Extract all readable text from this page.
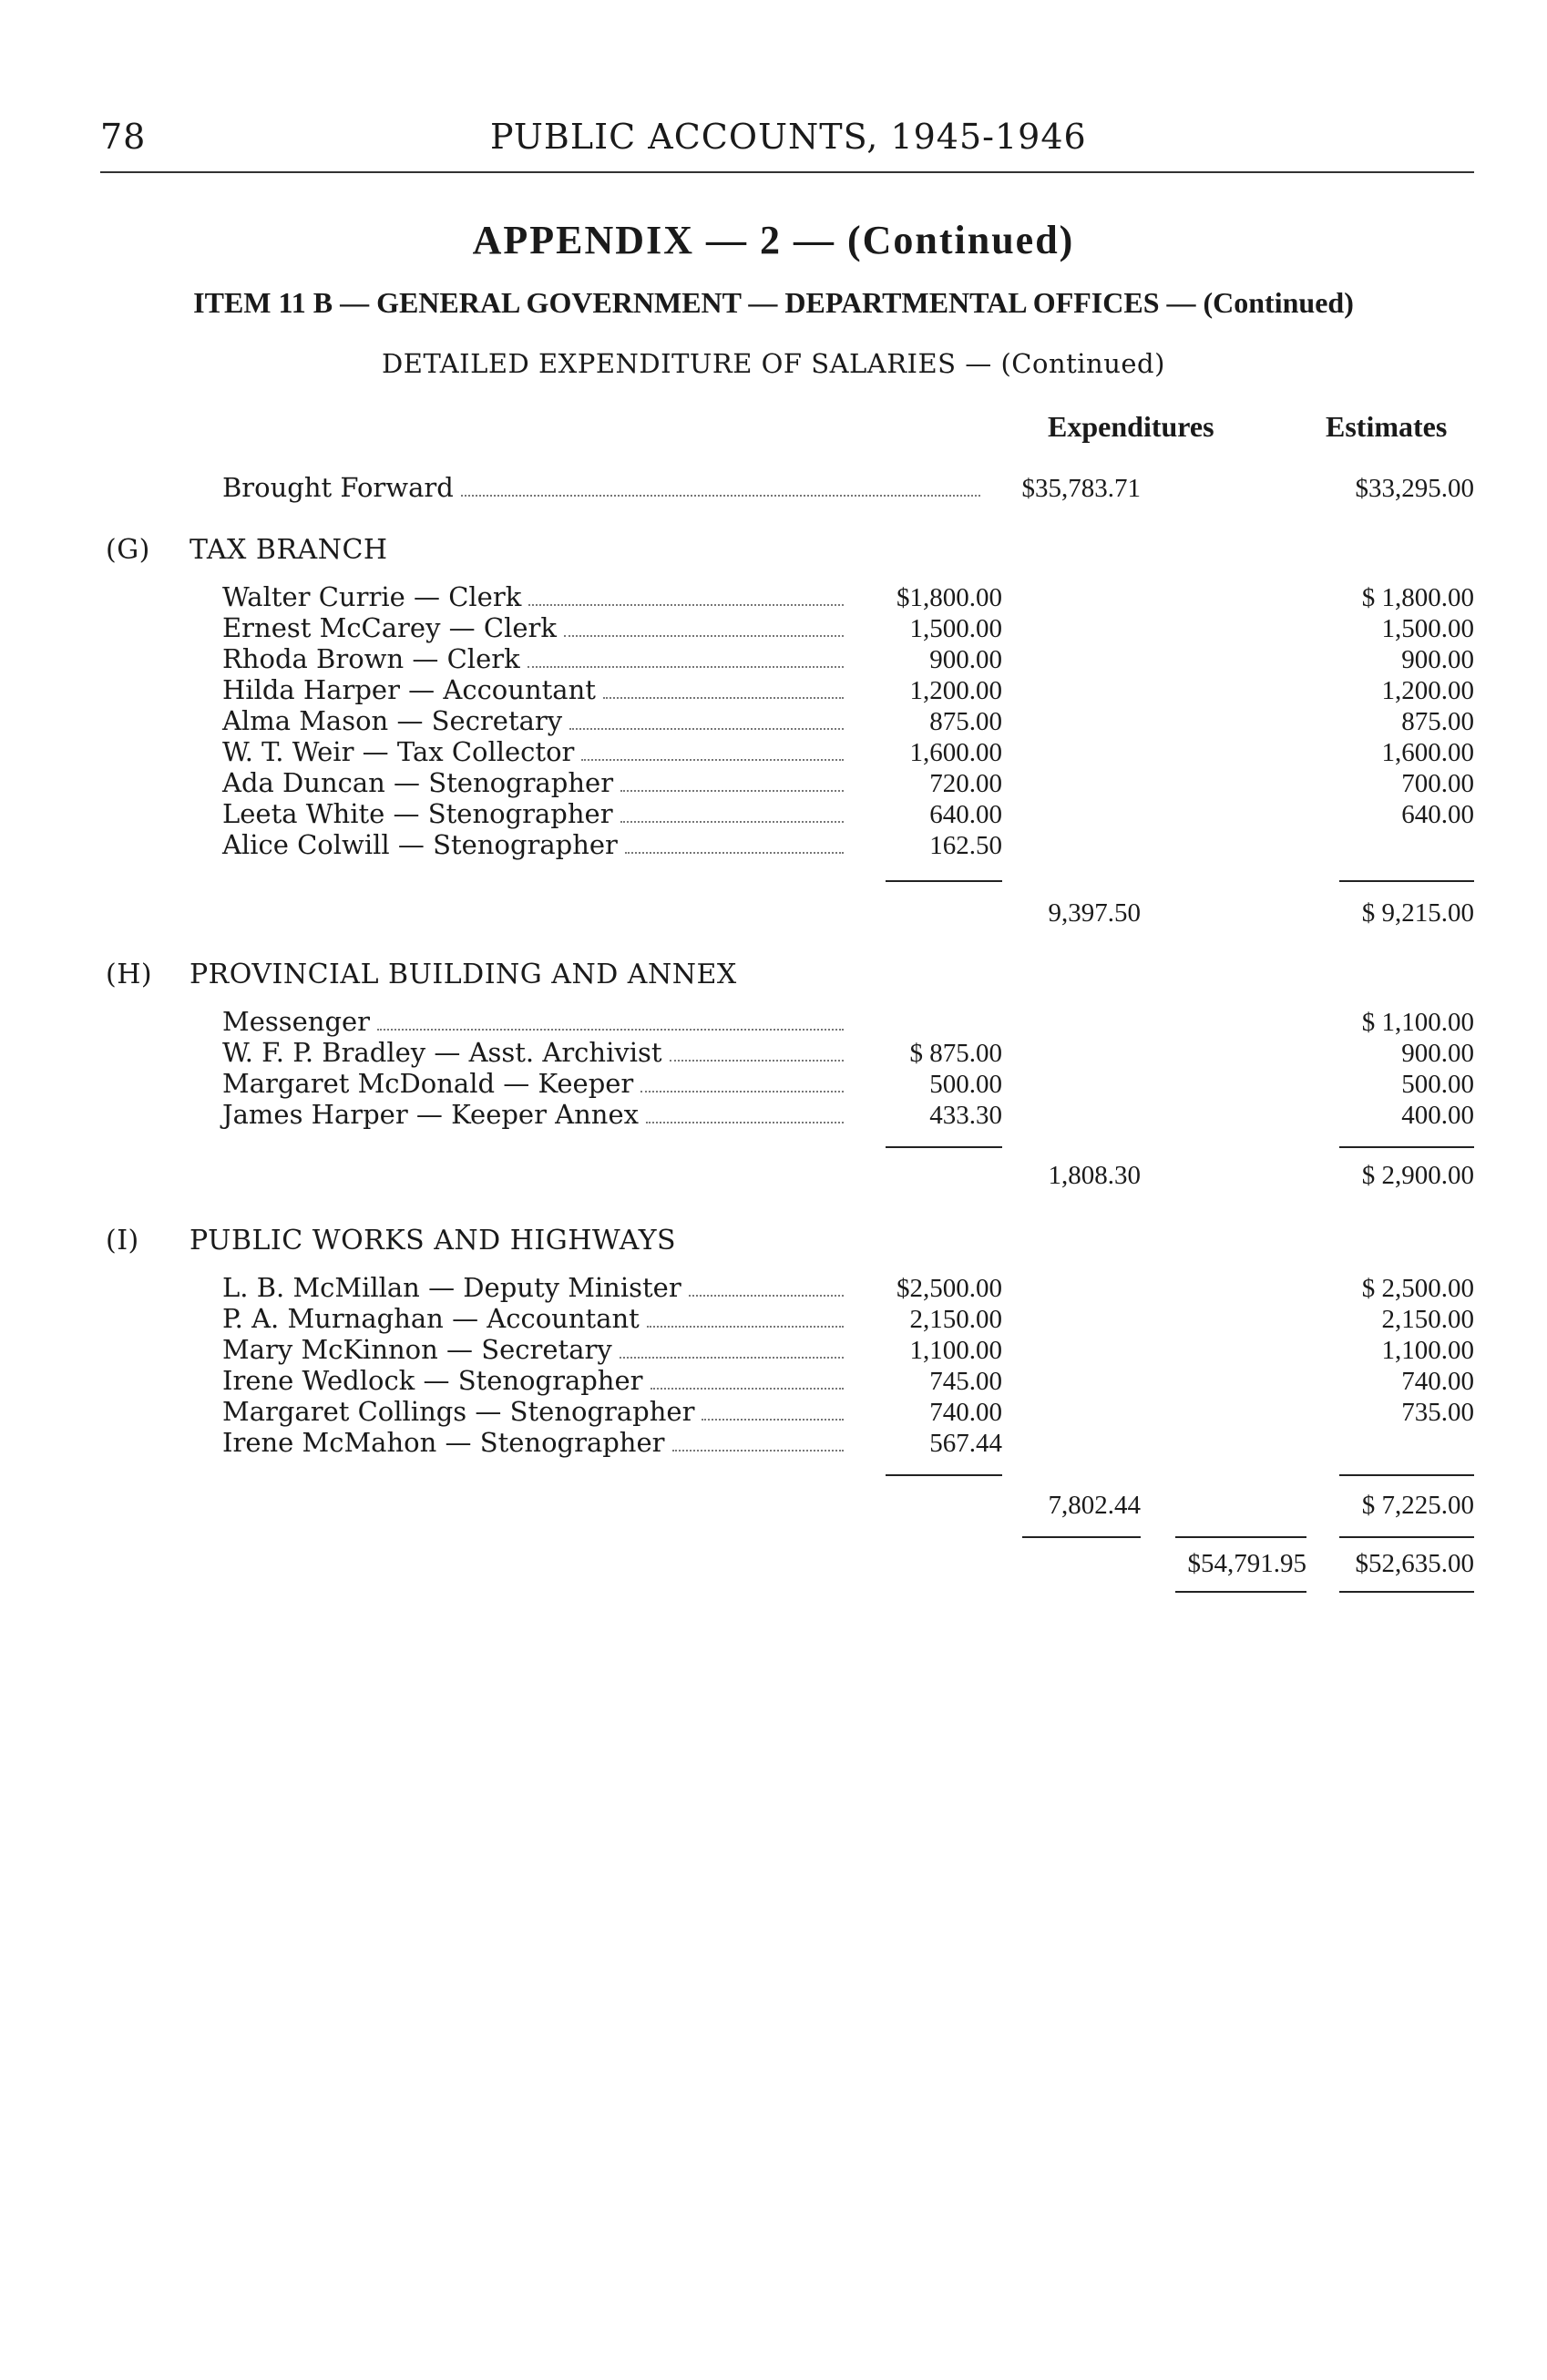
78	PUBLIC ACCOUNTS, 1945-1946
APPENDIX — 2 — (Continued)
ITEM 11 B — GENERAL GOVERNMENT — DEPARTMENTAL OFFICES — (Continued)
DETAILED EXPENDITURE OF SALARIES — (Continued)
Expenditures	Estimates
Brought Forward	$35,783.71	$33,295.00
(G) TAX BRANCH
Walter Currie — Clerk	$1,800.00	$ 1,800.00
Ernest McCarey — Clerk	1,500.00	1,500.00
Rhoda Brown — Clerk	900.00	900.00
Hilda Harper — Accountant	1,200.00	1,200.00
Alma Mason — Secretary	875.00	875.00
W. T. Weir — Tax Collector	1,600.00	1,600.00
Ada Duncan — Stenographer	720.00	700.00
Leeta White — Stenographer	640.00	640.00
Alice Colwill — Stenographer	162.50
9,397.50	$ 9,215.00
(H) PROVINCIAL BUILDING AND ANNEX
Messenger	$ 1,100.00
W. F. P. Bradley — Asst. Archivist	$ 875.00	900.00
Margaret McDonald — Keeper	500.00	500.00
James Harper — Keeper Annex	433.30	400.00
1,808.30	$ 2,900.00
(I) PUBLIC WORKS AND HIGHWAYS
L. B. McMillan — Deputy Minister	$2,500.00	$ 2,500.00
P. A. Murnaghan — Accountant	2,150.00	2,150.00
Mary McKinnon — Secretary	1,100.00	1,100.00
Irene Wedlock — Stenographer	745.00	740.00
Margaret Collings — Stenographer	740.00	735.00
Irene McMahon — Stenographer	567.44
7,802.44	$ 7,225.00
$54,791.95 $52,635.00
